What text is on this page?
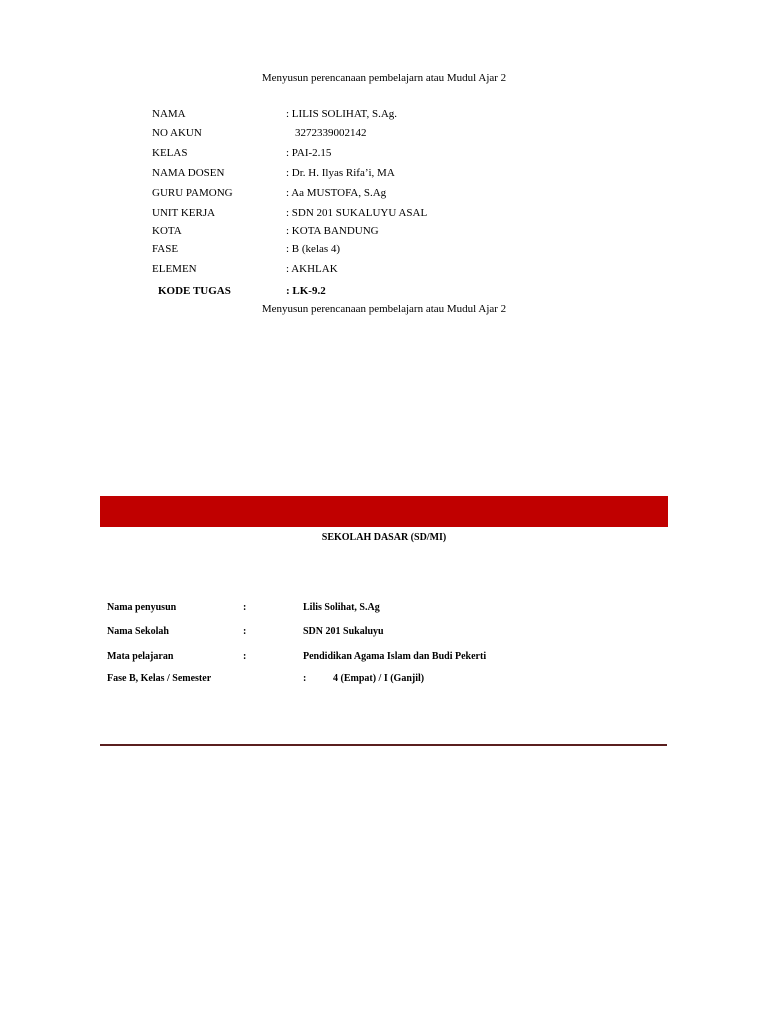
Menyusun perencanaan pembelajarn atau Mudul Ajar 2
NAMA	: LILIS SOLIHAT, S.Ag.
NO AKUN	3272339002142
KELAS	: PAI-2.15
NAMA DOSEN	: Dr. H. Ilyas Rifa’i, MA
GURU PAMONG	: Aa MUSTOFA, S.Ag
UNIT KERJA	: SDN 201 SUKALUYU ASAL
KOTA	: KOTA BANDUNG
FASE	: B (kelas 4)
ELEMEN	: AKHLAK
KODE TUGAS	: LK-9.2
Menyusun perencanaan pembelajarn atau Mudul Ajar 2
SEKOLAH DASAR (SD/MI)
Nama penyusun	:	Lilis Solihat, S.Ag
Nama Sekolah	:	SDN 201 Sukaluyu
Mata pelajaran	:	Pendidikan Agama Islam dan Budi Pekerti
Fase B, Kelas / Semester	:	4 (Empat) / I (Ganjil)
